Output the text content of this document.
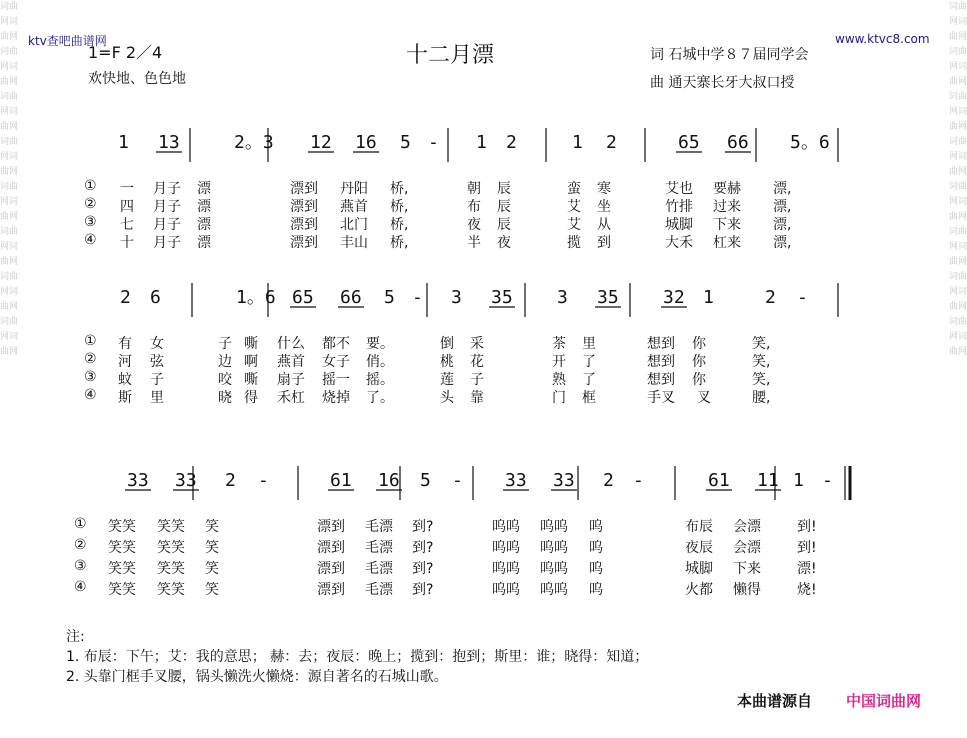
词曲网词曲网词曲网词曲网词曲网词曲网词曲网词曲网词曲网词曲网词曲网词曲网词曲网词曲网词曲网词曲网
词曲网词曲网词曲网词曲网词曲网词曲网词曲网词曲网词曲网词曲网词曲网词曲网词曲网词曲网词曲网词曲网
ktv查吧曲谱网	www.ktvc8.com
十二月漂
1=F 2／4
欢快地、色色地
词 石城中学８７届同学会
曲 通天寨长牙大叔口授
1 13	2。3 12 16 5 - 1 2	1 2	65 66 5。6
2 6	1。6 65 66 5 - 3 35 3 35 32 1	2 -
33 33 2 -	61 16 5 - 33 33 2 -	61 11 1 -
① 一 月子 漂	漂到 丹阳 桥,	朝 辰	蛮 寒	艾也 要赫 漂,
② 四 月子 漂	漂到 燕首 桥,	布 辰	艾 坐	竹排 过来 漂,
③ 七 月子 漂	漂到 北门 桥,	夜 辰	艾 从	城脚 下来 漂,
④ 十 月子 漂	漂到 丰山 桥,	半 夜	揽 到	大禾 杠来 漂,
① 有 女	子 嘶 什么 都不 要。	倒 采	茶 里	想到 你	笑,
② 河 弦	边 啊 燕首 女子 俏。	桃 花	开 了	想到 你	笑,
③ 蚊 子	咬 嘶 扇子 摇一 摇。	莲 子	熟 了	想到 你	笑,
④ 斯 里	晓 得 禾杠 烧掉 了。	头 靠	门 框	手叉 叉	腰,
① 笑笑 笑笑 笑	漂到 毛漂 到?	呜呜 呜呜 呜	布辰 会漂	到!
② 笑笑 笑笑 笑	漂到 毛漂 到?	呜呜 呜呜 呜	夜辰 会漂	到!
③ 笑笑 笑笑 笑	漂到 毛漂 到?	呜呜 呜呜 呜	城脚 下来	漂!
④ 笑笑 笑笑 笑	漂到 毛漂 到?	呜呜 呜呜 呜	火都 懒得	烧!
注:
1. 布辰：下午；艾：我的意思； 赫：去；夜辰：晚上；揽到：抱到；斯里：谁；晓得：知道；
2. 头靠门框手叉腰，锅头懒洗火懒烧：源自著名的石城山歌。
本曲谱源自 中国词曲网
